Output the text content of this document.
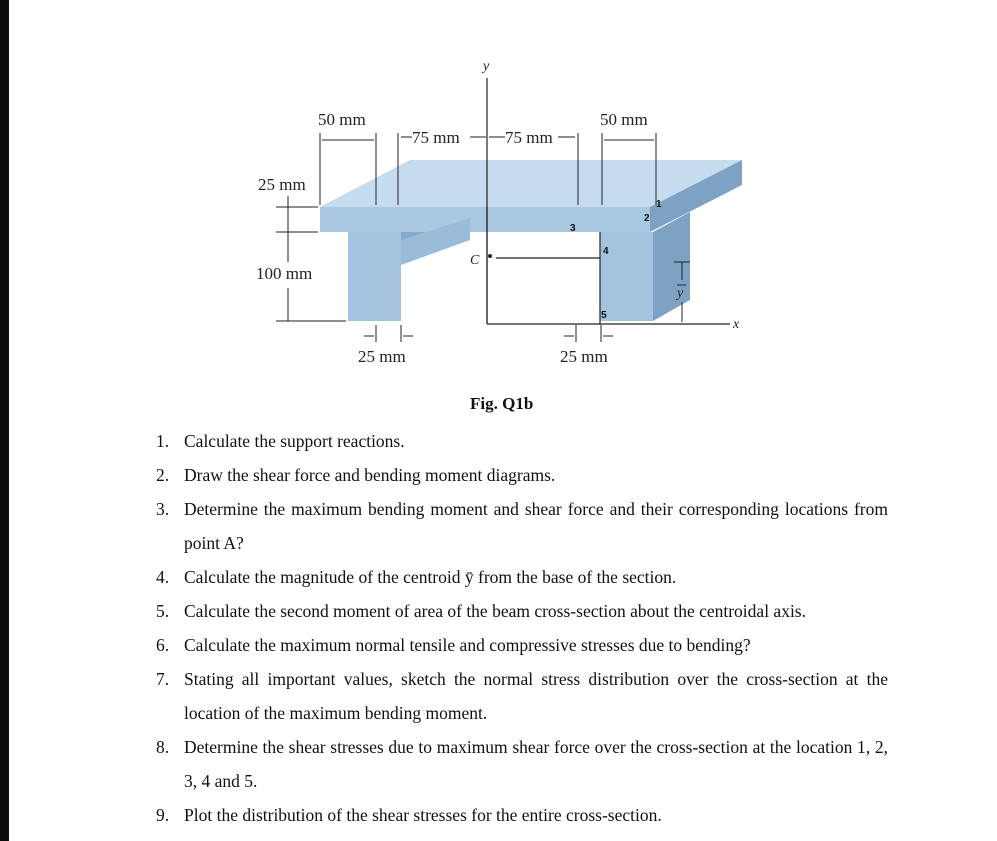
y
x
C
50 mm	50 mm
75 mm	75 mm
25 mm
100 mm
25 mm	25 mm
y
1
2
3
4
5
Fig. Q1b
1. Calculate the support reactions.
2. Draw the shear force and bending moment diagrams.
3. Determine the maximum bending moment and shear force and their corresponding locations from point A?
4. Calculate the magnitude of the centroid ȳ from the base of the section.
5. Calculate the second moment of area of the beam cross-section about the centroidal axis.
6. Calculate the maximum normal tensile and compressive stresses due to bending?
7. Stating all important values, sketch the normal stress distribution over the cross-section at the location of the maximum bending moment.
8. Determine the shear stresses due to maximum shear force over the cross-section at the location 1, 2, 3, 4 and 5.
9. Plot the distribution of the shear stresses for the entire cross-section.
